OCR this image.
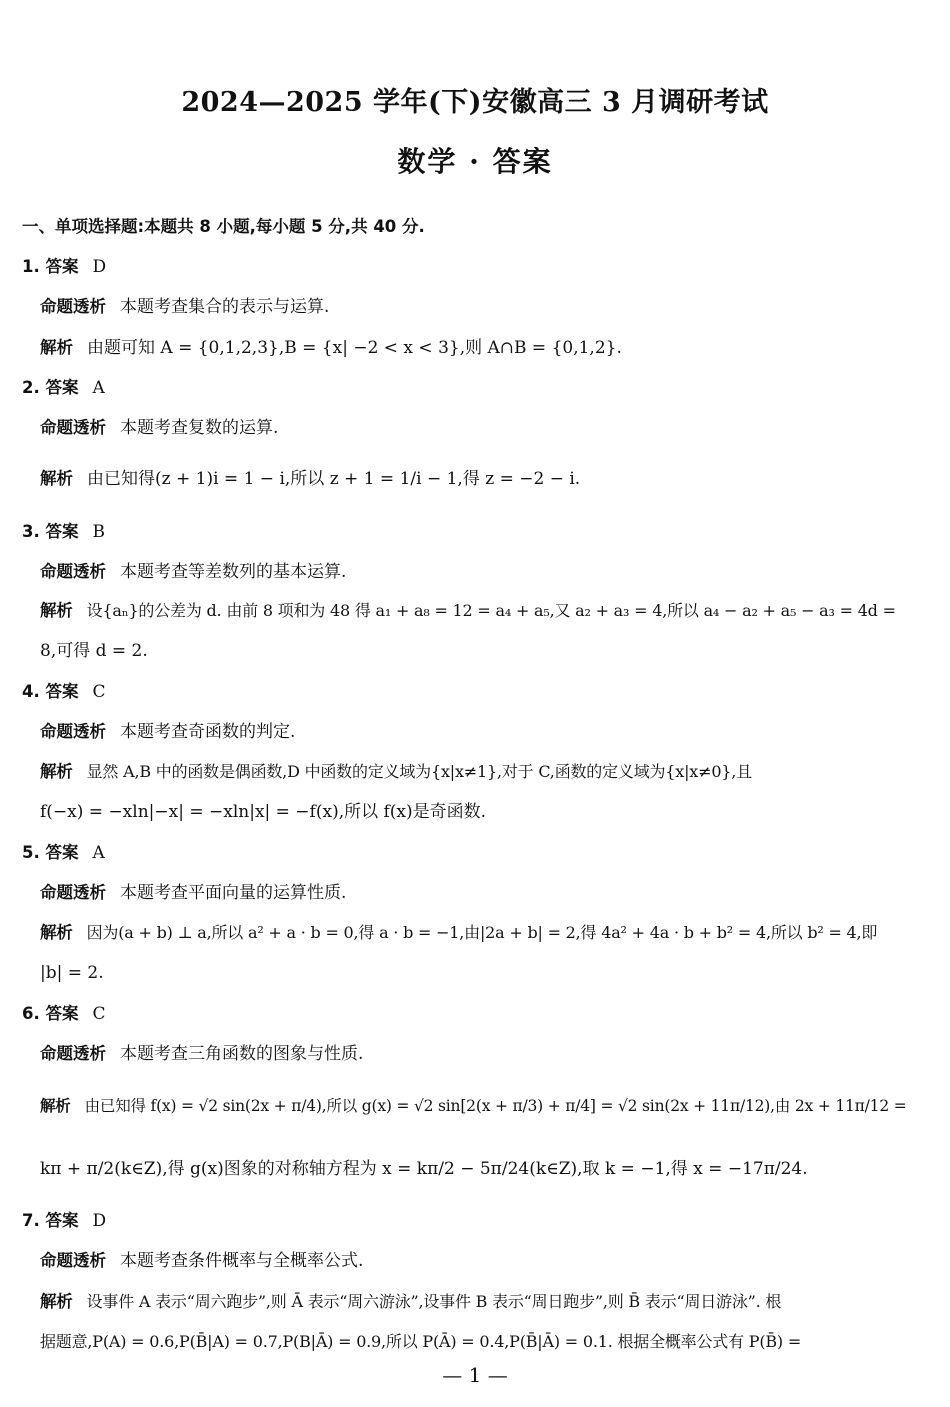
2024—2025 学年(下)安徽高三 3 月调研考试
数学 · 答案
一、单项选择题:本题共 8 小题,每小题 5 分,共 40 分.
1. 答案 D
命题透析 本题考查集合的表示与运算.
解析 由题可知 A = {0,1,2,3},B = {x| −2 < x < 3},则 A∩B = {0,1,2}.
2. 答案 A
命题透析 本题考查复数的运算.
解析 由已知得(z + 1)i = 1 − i,所以 z + 1 = 1/i − 1,得 z = −2 − i.
3. 答案 B
命题透析 本题考查等差数列的基本运算.
解析 设{aₙ}的公差为 d. 由前 8 项和为 48 得 a₁ + a₈ = 12 = a₄ + a₅,又 a₂ + a₃ = 4,所以 a₄ − a₂ + a₅ − a₃ = 4d =
8,可得 d = 2.
4. 答案 C
命题透析 本题考查奇函数的判定.
解析 显然 A,B 中的函数是偶函数,D 中函数的定义域为{x|x≠1},对于 C,函数的定义域为{x|x≠0},且
f(−x) = −xln|−x| = −xln|x| = −f(x),所以 f(x)是奇函数.
5. 答案 A
命题透析 本题考查平面向量的运算性质.
解析 因为(a + b) ⊥ a,所以 a² + a · b = 0,得 a · b = −1,由|2a + b| = 2,得 4a² + 4a · b + b² = 4,所以 b² = 4,即
|b| = 2.
6. 答案 C
命题透析 本题考查三角函数的图象与性质.
解析 由已知得 f(x) = √2 sin(2x + π/4),所以 g(x) = √2 sin[2(x + π/3) + π/4] = √2 sin(2x + 11π/12),由 2x + 11π/12 =
kπ + π/2(k∈Z),得 g(x)图象的对称轴方程为 x = kπ/2 − 5π/24(k∈Z),取 k = −1,得 x = −17π/24.
7. 答案 D
命题透析 本题考查条件概率与全概率公式.
解析 设事件 A 表示“周六跑步”,则 Ā 表示“周六游泳”,设事件 B 表示“周日跑步”,则 B̄ 表示“周日游泳”. 根
据题意,P(A) = 0.6,P(B̄|A) = 0.7,P(B|Ā) = 0.9,所以 P(Ā) = 0.4,P(B̄|Ā) = 0.1. 根据全概率公式有 P(B̄) =
— 1 —
